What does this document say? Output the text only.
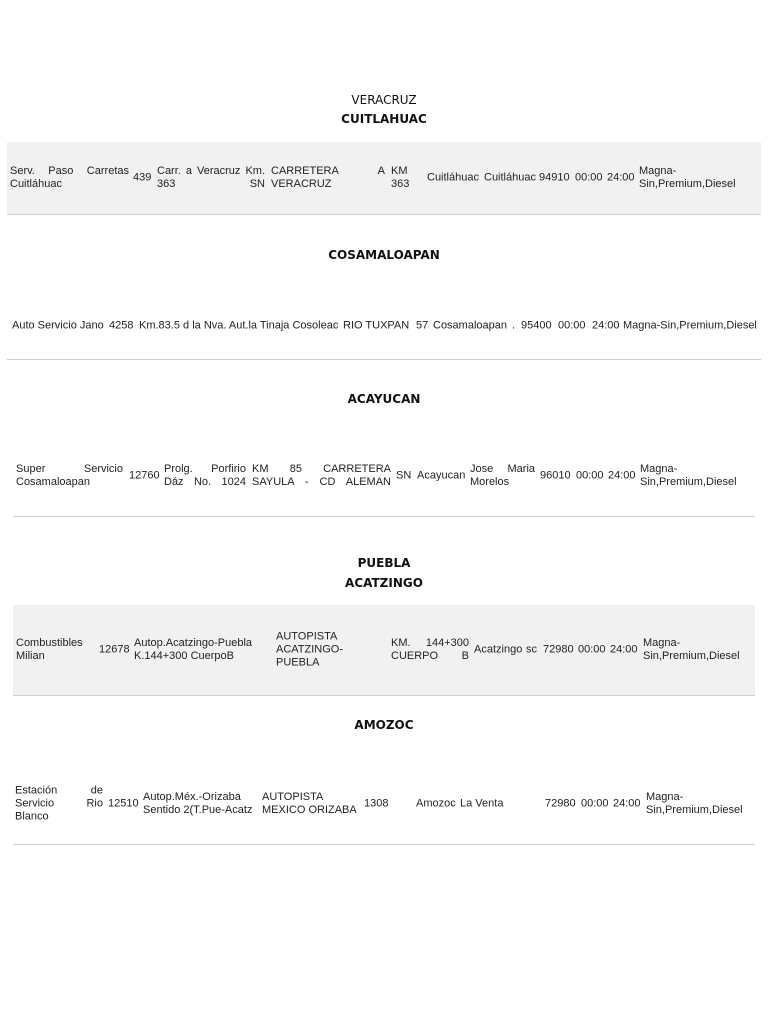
VERACRUZ
CUITLAHUAC
Serv. Paso Carretas Cuitláhuac
439
Carr. a Veracruz Km. 363 SN
CARRETERA A VERACRUZ
KM 363
Cuitláhuac Cuitláhuac 94910 00:00 24:00
Magna-Sin,Premium,Diesel
COSAMALOAPAN
Auto Servicio Jano 4258 Km.83.5 d la Nva. Aut.la Tinaja Cosoleac RIO TUXPAN 57 Cosamaloapan . 95400 00:00 24:00 Magna-Sin,Premium,Diesel
ACAYUCAN
Super Servicio Cosamaloapan
12760
Prolg. Porfirio Dáz No. 1024
KM 85 CARRETERA SAYULA - CD ALEMAN
SN Acayucan
Jose Maria Morelos
96010 00:00 24:00
Magna-Sin,Premium,Diesel
PUEBLA
ACATZINGO
Combustibles Milian
12678
Autop.Acatzingo-Puebla K.144+300 CuerpoB
AUTOPISTA ACATZINGO-PUEBLA
KM. 144+300 CUERPO B
Acatzingo sc 72980 00:00 24:00
Magna-Sin,Premium,Diesel
AMOZOC
Estación de Servicio Rio Blanco
12510
Autop.Méx.-Orizaba Sentido 2(T.Pue-Acatz
AUTOPISTA MEXICO ORIZABA
1308	Amozoc La Venta	72980 00:00 24:00
Magna-Sin,Premium,Diesel
